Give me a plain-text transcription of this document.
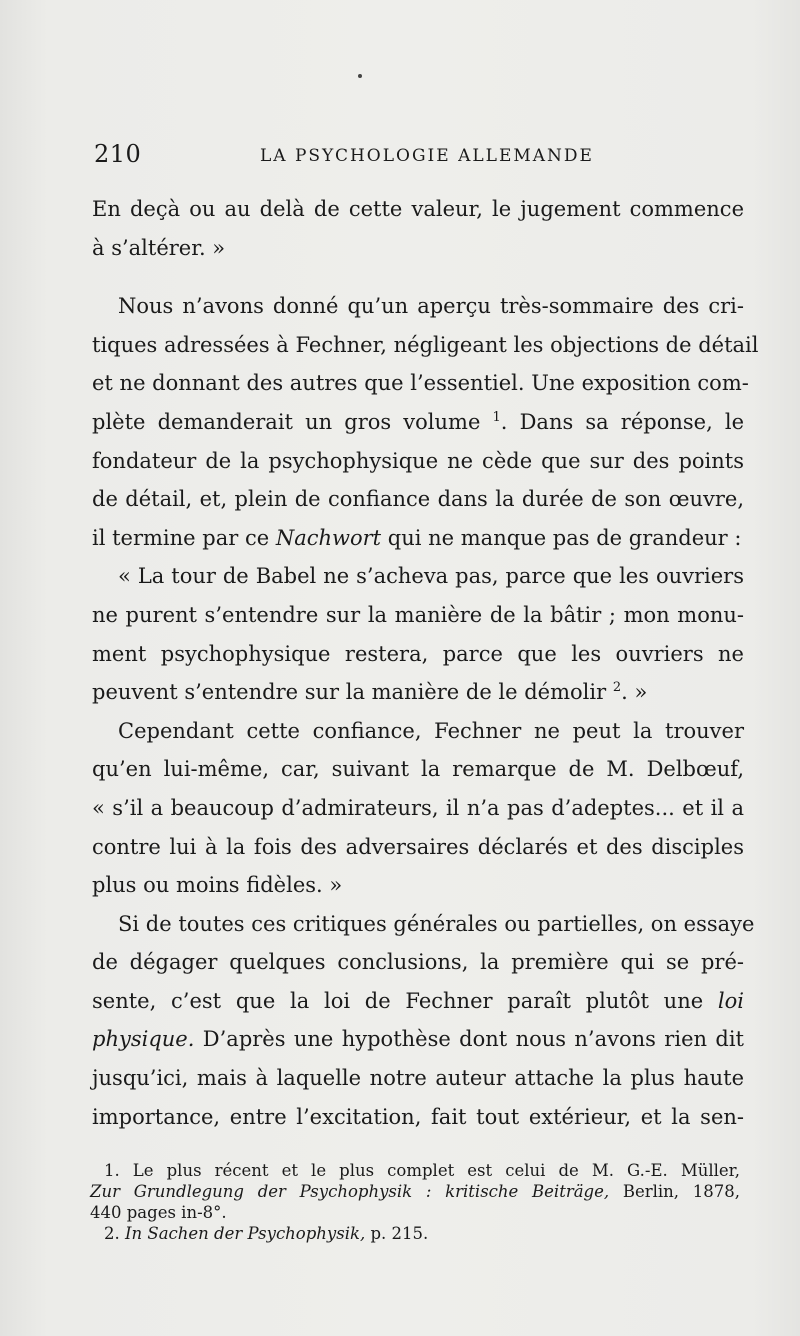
210	LA PSYCHOLOGIE ALLEMANDE
En deçà ou au delà de cette valeur, le jugement commence
à s’altérer. »
Nous n’avons donné qu’un aperçu très-sommaire des cri-
tiques adressées à Fechner, négligeant les objections de détail
et ne donnant des autres que l’essentiel. Une exposition com-
plète demanderait un gros volume $^1$. Dans sa réponse, le
fondateur de la psychophysique ne cède que sur des points
de détail, et, plein de confiance dans la durée de son œuvre,
il termine par ce Nachwort qui ne manque pas de grandeur :
« La tour de Babel ne s’acheva pas, parce que les ouvriers
ne purent s’entendre sur la manière de la bâtir ; mon monu-
ment psychophysique restera, parce que les ouvriers ne
peuvent s’entendre sur la manière de le démolir $^2$. »
Cependant cette confiance, Fechner ne peut la trouver
qu’en lui-même, car, suivant la remarque de M. Delbœuf,
« s’il a beaucoup d’admirateurs, il n’a pas d’adeptes... et il a
contre lui à la fois des adversaires déclarés et des disciples
plus ou moins fidèles. »
Si de toutes ces critiques générales ou partielles, on essaye
de dégager quelques conclusions, la première qui se pré-
sente, c’est que la loi de Fechner paraît plutôt une loi
physique. D’après une hypothèse dont nous n’avons rien dit
jusqu’ici, mais à laquelle notre auteur attache la plus haute
importance, entre l’excitation, fait tout extérieur, et la sen-
1. Le plus récent et le plus complet est celui de M. G.-E. Müller,
Zur Grundlegung der Psychophysik : kritische Beiträge, Berlin, 1878,
440 pages in-8°.
2. In Sachen der Psychophysik, p. 215.
